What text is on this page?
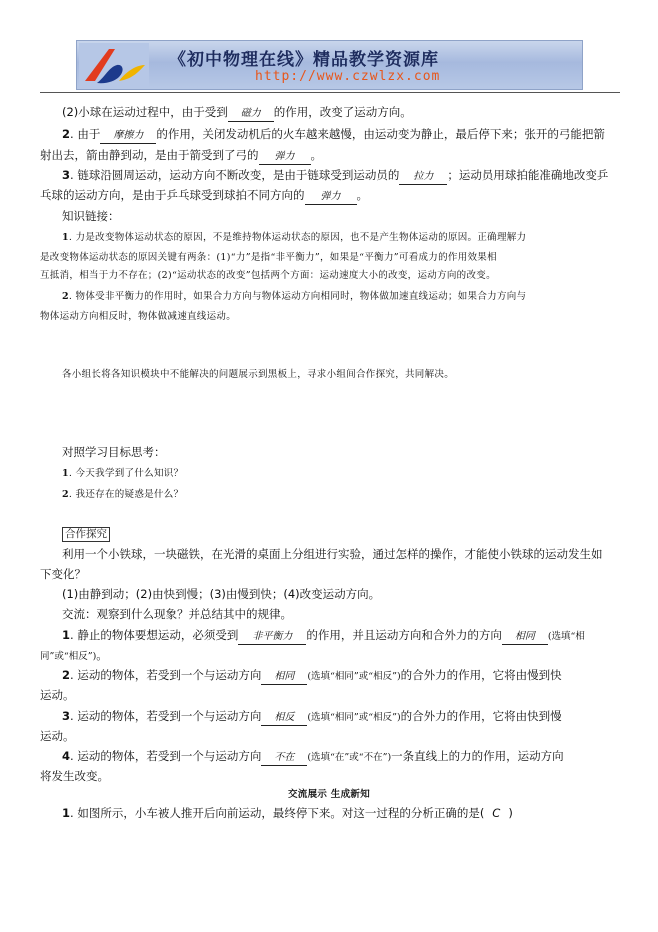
《初中物理在线》精品教学资源库
http://www.czwlzx.com
(2)小球在运动过程中，由于受到 磁力 的作用，改变了运动方向。
2. 由于 摩擦力 的作用，关闭发动机后的火车越来越慢，由运动变为静止，最后停下来；张开的弓能把箭
射出去，箭由静到动，是由于箭受到了弓的 弹力 。
3. 链球沿圆周运动，运动方向不断改变，是由于链球受到运动员的 拉力 ；运动员用球拍能准确地改变乒
乓球的运动方向，是由于乒乓球受到球拍不同方向的 弹力 。
知识链接：
1. 力是改变物体运动状态的原因，不是维持物体运动状态的原因，也不是产生物体运动的原因。正确理解力
是改变物体运动状态的原因关键有两条：(1)“力”是指“非平衡力”，如果是“平衡力”可看成力的作用效果相
互抵消，相当于力不存在；(2)“运动状态的改变”包括两个方面：运动速度大小的改变，运动方向的改变。
2. 物体受非平衡力的作用时，如果合力方向与物体运动方向相同时，物体做加速直线运动；如果合力方向与
物体运动方向相反时，物体做减速直线运动。
各小组长将各知识模块中不能解决的问题展示到黑板上，寻求小组间合作探究，共同解决。
对照学习目标思考：
1. 今天我学到了什么知识？
2. 我还存在的疑惑是什么？
合作探究
利用一个小铁球，一块磁铁，在光滑的桌面上分组进行实验，通过怎样的操作，才能使小铁球的运动发生如
下变化？
(1)由静到动；(2)由快到慢；(3)由慢到快；(4)改变运动方向。
交流：观察到什么现象？并总结其中的规律。
1. 静止的物体要想运动，必须受到 非平衡力 的作用，并且运动方向和合外力的方向 相同 (选填“相
同”或“相反”)。
2. 运动的物体，若受到一个与运动方向 相同 (选填“相同”或“相反”)的合外力的作用，它将由慢到快
运动。
3. 运动的物体，若受到一个与运动方向 相反 (选填“相同”或“相反”)的合外力的作用，它将由快到慢
运动。
4. 运动的物体，若受到一个与运动方向 不在 (选填“在”或“不在”)一条直线上的力的作用，运动方向
将发生改变。
交流展示 生成新知
1. 如图所示，小车被人推开后向前运动，最终停下来。对这一过程的分析正确的是( C )
